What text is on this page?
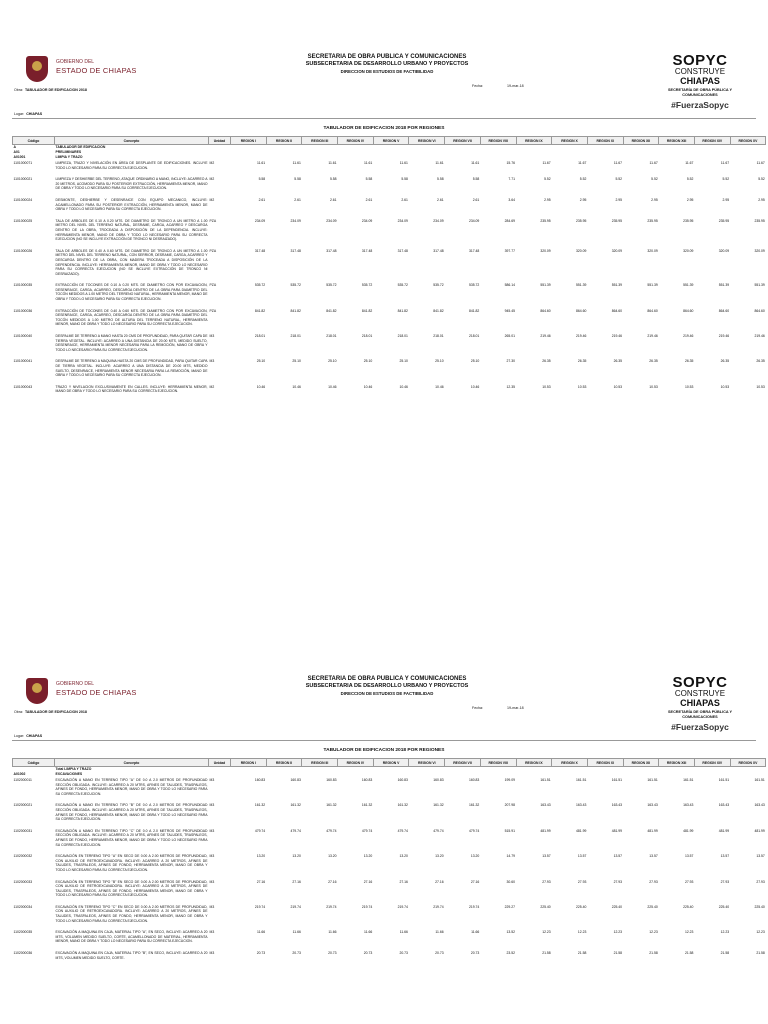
GOBIERNO DEL
ESTADO DE CHIAPAS
SECRETARIA DE OBRA PUBLICA Y COMUNICACIONES
SUBSECRETARIA DE DESARROLLO URBANO Y PROYECTOS
DIRECCION DE ESTUDIOS DE FACTIBILIDAD
SOPYC
CONSTRUYE
CHIAPAS
SECRETARÍA DE OBRA PÚBLICA Y COMUNICACIONES
#FuerzaSopyc
Obra: TABULADOR DE EDIFICACION 2018
Fecha:	19-mar-18
Lugar: CHIAPAS
TABULADOR DE EDIFICACION 2018 POR REGIONES
Código	Concepto	Unidad	REGION I	REGION II	REGION III	REGION IV	REGION V	REGION VI	REGION VII	REGION VIII	REGION IX	REGION X	REGION XI	REGION XII	REGION XIII	REGION XIV	REGION XV
A	TABULADOR DE EDIFICACION																
A01	PRELIMINARES																
A01001	LIMPIA Y TRAZO																
1101000071	LIMPIEZA, TRAZO Y NIVELACIÓN EN ÁREA DE DESPLANTE DE EDIFICACIONES. INCLUYE TODO LO NECESARIO PARA SU CORRECTA EJECUCION.	M2	11.61	11.61	11.61	11.61	11.61	11.61	11.61	15.76	11.67	11.67	11.67	11.67	11.67	11.67	11.67

1101000021	LIMPIEZA Y DESHIERBE DEL TERRENO, ATAQUE ORDINARIO A MANO, INCLUYE: ACARREO A 20 METROS, ACOMODO PARA SU POSTERIOR EXTRACCIÓN, HERRAMIENTA MENOR, MANO DE OBRA Y TODO LO NECESARIO PARA SU CORRECTA EJECUCION.	M2	5.58	5.58	5.58	5.58	5.58	5.58	5.58	7.71	5.52	5.52	5.52	5.52	5.52	5.52	5.52

1101000024	DESMONTE, DESHIERBE Y DESENRAICE CON EQUIPO MECANICO, INCLUYE: ACAMELLONADO PARA SU POSTERIOR EXTRACCIÓN, HERRAMIENTA MENOR, MANO DE OBRA Y TODO LO NECESARIO PARA SU CORRECTA EJECUCION.	M2	2.61	2.61	2.61	2.61	2.61	2.61	2.61	3.64	2.95	2.95	2.95	2.95	2.95	2.95	2.95

1101000025	TALA DE ARBOLES DE 0.10 A 0.20 MTS. DE DIAMETRO DE TRONCO A UN METRO A 1.00 METRO DEL NIVEL DEL TERRENO NATURAL, DESRAME, CARGA, ACARREO Y DESCARGA DENTRO DE LA OBRA, TROCEADA A DISPOSICIÓN DE LA DEPENDENCIA. INCLUYE: HERRAMIENTA MENOR, MANO DE OBRA Y TODO LO NECESARIO PARA SU CORRECTA EJECUCION (NO SE INCLUYE EXTRACCIÓN DE TRONCO NI DESRAIZADO).	PZA	234.09	234.09	234.09	234.09	234.09	234.09	234.09	284.69	235.95	235.95	235.95	235.95	235.95	235.95	235.95

1101000026	TALA DE ARBOLES DE 0.40 A 0.60 MTS. DE DIAMETRO DE TRONCO A UN METRO A 1.00 METRO DEL NIVEL DEL TERRENO NATURAL, CON SERRIOR, DESRAME, CARGA, ACARREO Y DESCARGA DENTRO DE LA OBRA, CON MADERA TROCEADA A DISPOSICIÓN DE LA DEPENDENCIA. INCLUYE: HERRAMIENTA MENOR, MANO DE OBRA Y TODO LO NECESARIO PARA SU CORRECTA EJECUCION (NO SE INCLUYE EXTRACCIÓN DE TRONCO NI DESRAIZADO).	PZA	317.48	317.48	317.48	317.48	317.48	317.48	317.48	397.77	320.09	320.09	320.09	320.09	320.09	320.09	320.09

1101000035	EXTRACCIÓN DE TOCONES DE 0.10 A 0.20 MTS. DE DIAMETRO CON POR EXCAVACION, DESENRAICE, CARGA, ACARREO, DESCARGA DENTRO DE LA OBRA PARA DIAMETRO DEL TOCÓN MEDIDOS A 1.00 METRO DEL TERRENO NATURAL, HERRAMIENTA MENOR, MANO DE OBRA Y TODO LO NECESARIO PARA SU CORRECTA EJECUCION.	PZA	535.72	535.72	535.72	535.72	535.72	535.72	535.72	586.14	551.39	551.39	551.39	551.39	551.39	551.39	551.39

1101000036	EXTRACCIÓN DE TOCONES DE 0.40 A 0.60 MTS. DE DIAMETRO CON POR EXCAVACION, DESENRAICE, CARGA, ACARREO, DESCARGA DENTRO DE LA OBRA PARA DIAMETRO DEL TOCÓN MEDIDOS A 1.00 METRO DE ALTURA DEL TERRENO NATURAL, HERRAMIENTA MENOR, MANO DE OBRA Y TODO LO NECESARIO PARA SU CORRECTA EJECUCION.	PZA	841.82	841.82	841.82	841.82	841.82	841.82	841.82	945.45	864.60	864.60	864.60	864.60	864.60	864.60	864.60

1101000040	DESPALME DE TERRENO A MANO HASTA 20 CMS DE PROFUNDIDAD, PARA QUITAR CAPA DE TIERRA VEGETAL. INCLUYE: ACARREO A UNA DISTANCIA DE 20.00 MTS, MEDIDO SUELTO, DESENRAICE, HERRAMIENTA MENOR NECESARIA PARA LA REMOCIÓN, MANO DE OBRA Y TODO LO NECESARIO PARA SU CORRECTA EJECUCION.	M3	218.01	218.01	218.01	218.01	218.01	218.01	218.01	265.01	219.46	219.46	219.46	219.46	219.46	219.46	219.46

1101000041	DESPALME DE TERRENO A MAQUINA HASTA 20 CMS DE PROFUNDIDAD, PARA QUITAR CAPA DE TIERRA VEGETAL. INCLUYE: ACARREO A UNA DISTANCIA DE 20.00 MTS, MEDIDO SUELTO, DESENRAICE, HERRAMIENTA MENOR NECESARIA PARA LA REMOCIÓN, MANO DE OBRA Y TODO LO NECESARIO PARA SU CORRECTA EJECUCION.	M3	25.10	25.10	25.10	25.10	25.10	25.10	25.10	27.30	26.35	26.35	26.35	26.35	26.35	26.35	26.35

1101000043	TRAZO Y NIVELACION EXCLUSIVAMENTE EN CALLES. INCLUYE: HERRAMIENTA MENOR, MANO DE OBRA Y TODO LO NECESARIO PARA SU CORRECTA EJECUCION.	M2	10.46	10.46	10.46	10.46	10.46	10.46	10.46	12.35	10.53	10.53	10.53	10.53	10.53	10.53	10.53

GOBIERNO DEL
ESTADO DE CHIAPAS
SECRETARIA DE OBRA PUBLICA Y COMUNICACIONES
SUBSECRETARIA DE DESARROLLO URBANO Y PROYECTOS
DIRECCION DE ESTUDIOS DE FACTIBILIDAD
SOPYC
CONSTRUYE
CHIAPAS
SECRETARÍA DE OBRA PÚBLICA Y COMUNICACIONES
#FuerzaSopyc
Obra: TABULADOR DE EDIFICACION 2018
Fecha:	19-mar-18
Lugar: CHIAPAS
TABULADOR DE EDIFICACION 2018 POR REGIONES
Código	Concepto	Unidad	REGION I	REGION II	REGION III	REGION IV	REGION V	REGION VI	REGION VII	REGION VIII	REGION IX	REGION X	REGION XI	REGION XII	REGION XIII	REGION XIV	REGION XV
	Total LIMPIA Y TRAZO																
A01002	EXCAVACIONES																
1102000011	EXCAVACIÓN A MANO EN TERRENO TIPO "A" DE 0.0 A 2.0 METROS DE PROFUNDIDAD SECCIÓN OBLIGADA. INCLUYE: ACARREO A 20 MTRS, AFINES DE TALUDES, TRASPALEOS, AFINES DE FONDO, HERRAMIENTA MENOR, MANO DE OBRA Y TODO LO NECESARIO PARA SU CORRECTA EJECUCION.	M3	160.83	160.83	160.83	160.83	160.83	160.83	160.83	199.09	161.51	161.51	161.51	161.51	161.51	161.51	161.51

1102000021	EXCAVACIÓN A MANO EN TERRENO TIPO "B" DE 0.0 A 2.0 METROS DE PROFUNDIDAD SECCIÓN OBLIGADA. INCLUYE: ACARREO A 20 MTRS, AFINES DE TALUDES, TRASPALEOS, AFINES DE FONDO, HERRAMIENTA MENOR, MANO DE OBRA Y TODO LO NECESARIO PARA SU CORRECTA EJECUCION.	M3	161.32	161.32	161.32	161.32	161.32	161.32	161.32	207.98	163.43	163.43	163.43	163.43	163.43	163.43	163.43

1102000031	EXCAVACIÓN A MANO EN TERRENO TIPO "C" DE 0.0 A 2.0 METROS DE PROFUNDIDAD SECCIÓN OBLIGADA. INCLUYE: ACARREO A 20 MTRS, AFINES DE TALUDES, TRASPALEOS, AFINES DE FONDO, HERRAMIENTA MENOR, MANO DE OBRA Y TODO LO NECESARIO PARA SU CORRECTA EJECUCION.	M3	479.74	479.74	479.74	479.74	479.74	479.74	479.74	515.91	481.99	481.99	481.99	481.99	481.99	481.99	481.99

1102000032	EXCAVACIÓN EN TERRENO TIPO "A" EN SECO DE 0.00 A 2.00 METROS DE PROFUNDIDAD, CON AUXILIO DE RETROEXCAVADORA. INCLUYE: ACARREO A 20 METROS, AFINES DE TALUDES, TRASPALEOS, AFINES DE FONDO, HERRAMIENTA MENOR, MANO DE OBRA Y TODO LO NECESARIO PARA SU CORRECTA EJECUCION.	M3	13.20	13.20	13.20	13.20	13.20	13.20	13.20	14.79	13.57	13.57	13.57	13.57	13.57	13.57	13.57

1102000033	EXCAVACIÓN EN TERRENO TIPO "B" EN SECO DE 0.00 A 2.00 METROS DE PROFUNDIDAD, CON AUXILIO DE RETROEXCAVADORA. INCLUYE: ACARREO A 20 METROS, AFINES DE TALUDES, TRASPALEOS, AFINES DE FONDO, HERRAMIENTA MENOR, MANO DE OBRA Y TODO LO NECESARIO PARA SU CORRECTA EJECUCION.	M3	27.16	27.16	27.16	27.16	27.16	27.16	27.16	30.60	27.93	27.93	27.93	27.93	27.93	27.93	27.93

1102000034	EXCAVACIÓN EN TERRENO TIPO "C" EN SECO DE 0.00 A 2.00 METROS DE PROFUNDIDAD, CON AUXILIO DE RETROEXCAVADORA. INCLUYE: ACARREO A 20 METROS, AFINES DE TALUDES, TRASPALEOS, AFINES DE FONDO, HERRAMIENTA MENOR, MANO DE OBRA Y TODO LO NECESARIO PARA SU CORRECTA EJECUCION.	M3	219.74	219.74	219.74	219.74	219.74	219.74	219.74	229.27	225.40	225.40	225.40	225.40	225.40	225.40	225.40

1102000035	EXCAVACIÓN A MAQUINA EN CAJA, MATERIAL TIPO "A", EN SECO, INCLUYE: ACARREO A 20 MTS, VOLUMEN MEDIDO SUELTO, CORTE, ACAMELLONADO DE MATERIAL, HERRAMIENTA MENOR, MANO DE OBRA Y TODO LO NECESARIO PARA SU CORRECTA EJECUCION.	M3	11.66	11.66	11.66	11.66	11.66	11.66	11.66	13.52	12.23	12.23	12.23	12.23	12.23	12.23	12.23

1102000036	EXCAVACIÓN A MAQUINA EN CAJA, MATERIAL TIPO "B", EN SECO, INCLUYE: ACARREO A 20 MTS, VOLUMEN MEDIDO SUELTO, CORTE.	M3	20.73	20.73	20.73	20.73	20.73	20.73	20.73	23.52	21.58	21.58	21.58	21.58	21.58	21.58	21.58
